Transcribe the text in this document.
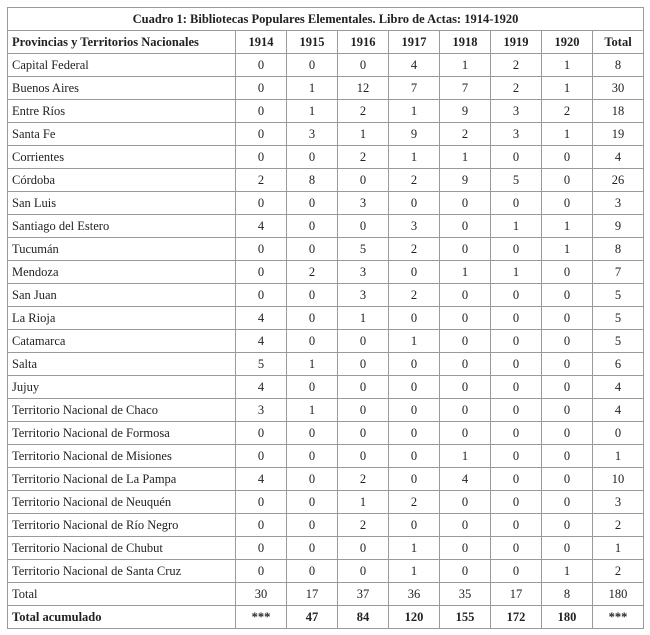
Cuadro 1: Bibliotecas Populares Elementales. Libro de Actas: 1914-1920								
Provincias y Territorios Nacionales	1914	1915	1916	1917	1918	1919	1920	Total
Capital Federal	0	0	0	4	1	2	1	8
Buenos Aires	0	1	12	7	7	2	1	30
Entre Ríos	0	1	2	1	9	3	2	18
Santa Fe	0	3	1	9	2	3	1	19
Corrientes	0	0	2	1	1	0	0	4
Córdoba	2	8	0	2	9	5	0	26
San Luis	0	0	3	0	0	0	0	3
Santiago del Estero	4	0	0	3	0	1	1	9
Tucumán	0	0	5	2	0	0	1	8
Mendoza	0	2	3	0	1	1	0	7
San Juan	0	0	3	2	0	0	0	5
La Rioja	4	0	1	0	0	0	0	5
Catamarca	4	0	0	1	0	0	0	5
Salta	5	1	0	0	0	0	0	6
Jujuy	4	0	0	0	0	0	0	4
Territorio Nacional de Chaco	3	1	0	0	0	0	0	4
Territorio Nacional de Formosa	0	0	0	0	0	0	0	0
Territorio Nacional de Misiones	0	0	0	0	1	0	0	1
Territorio Nacional de La Pampa	4	0	2	0	4	0	0	10
Territorio Nacional de Neuquén	0	0	1	2	0	0	0	3
Territorio Nacional de Río Negro	0	0	2	0	0	0	0	2
Territorio Nacional de Chubut	0	0	0	1	0	0	0	1
Territorio Nacional de Santa Cruz	0	0	0	1	0	0	1	2
Total	30	17	37	36	35	17	8	180
Total acumulado	***	47	84	120	155	172	180	***
